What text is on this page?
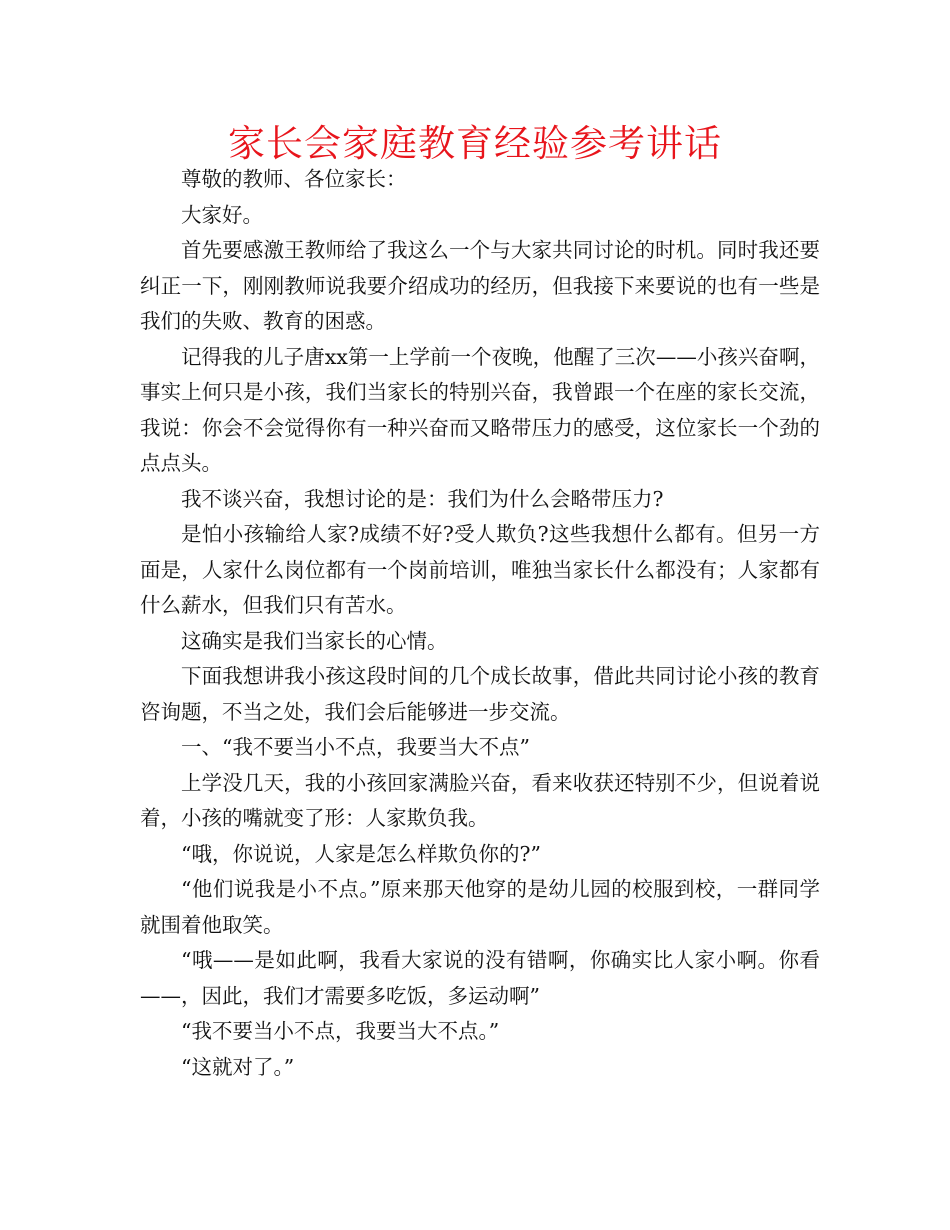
家长会家庭教育经验参考讲话

尊敬的教师、各位家长：

大家好。

首先要感激王教师给了我这么一个与大家共同讨论的时机。同时我还要纠正一下，刚刚教师说我要介绍成功的经历，但我接下来要说的也有一些是我们的失败、教育的困惑。

记得我的儿子唐xx第一上学前一个夜晚，他醒了三次——小孩兴奋啊，事实上何只是小孩，我们当家长的特别兴奋，我曾跟一个在座的家长交流，我说：你会不会觉得你有一种兴奋而又略带压力的感受，这位家长一个劲的点点头。

我不谈兴奋，我想讨论的是：我们为什么会略带压力?

是怕小孩输给人家?成绩不好?受人欺负?这些我想什么都有。但另一方面是，人家什么岗位都有一个岗前培训，唯独当家长什么都没有；人家都有什么薪水，但我们只有苦水。

这确实是我们当家长的心情。

下面我想讲我小孩这段时间的几个成长故事，借此共同讨论小孩的教育咨询题，不当之处，我们会后能够进一步交流。

一、“我不要当小不点，我要当大不点”

上学没几天，我的小孩回家满脸兴奋，看来收获还特别不少，但说着说着，小孩的嘴就变了形：人家欺负我。

“哦，你说说，人家是怎么样欺负你的?”

“他们说我是小不点。”原来那天他穿的是幼儿园的校服到校，一群同学就围着他取笑。

“哦——是如此啊，我看大家说的没有错啊，你确实比人家小啊。你看——，因此，我们才需要多吃饭，多运动啊”

“我不要当小不点，我要当大不点。”

“这就对了。”
